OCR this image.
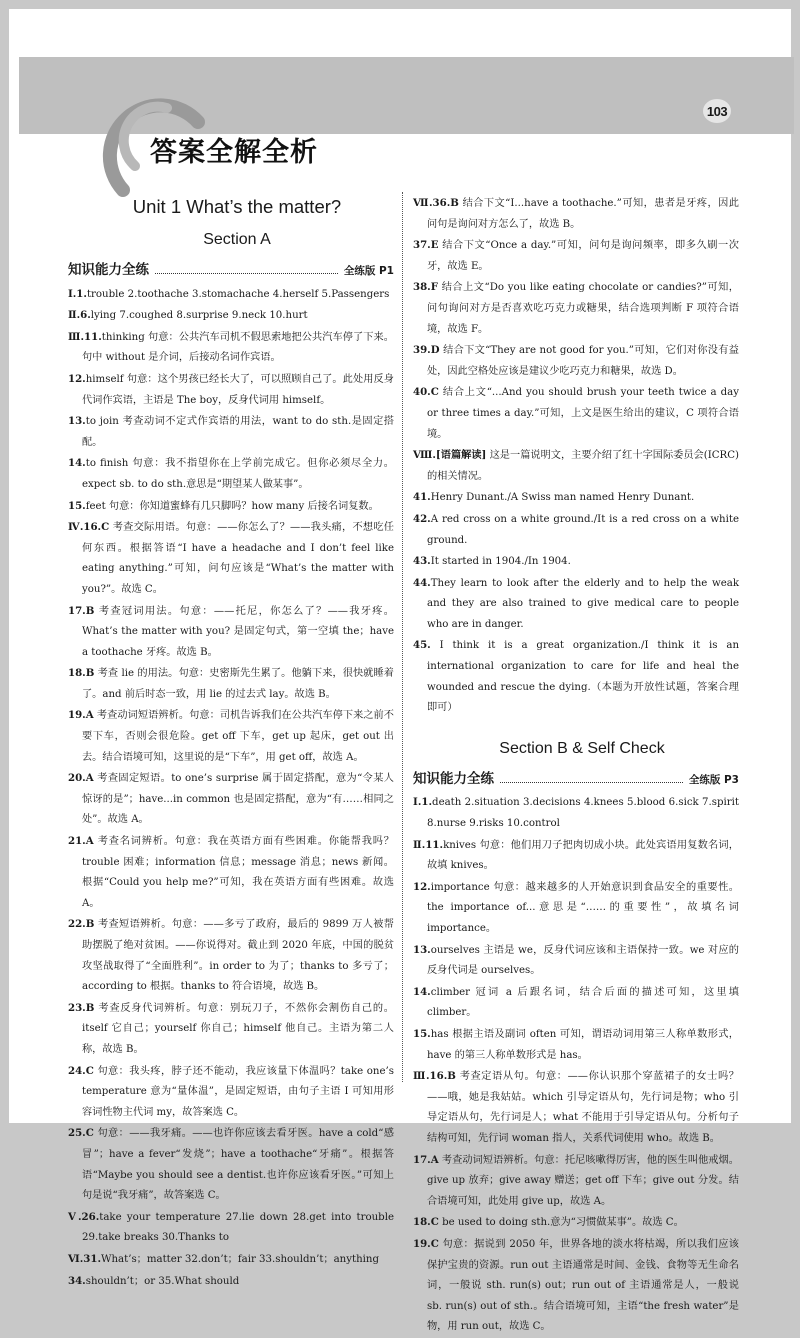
103
答案全解全析
Unit 1 What’s the matter?
Section A
知识能力全练	全练版 P1
Ⅰ.1.trouble 2.toothache 3.stomachache 4.herself 5.Passengers
Ⅱ.6.lying 7.coughed 8.surprise 9.neck 10.hurt
Ⅲ.11.thinking 句意：公共汽车司机不假思索地把公共汽车停了下来。句中 without 是介词，后接动名词作宾语。
12.himself 句意：这个男孩已经长大了，可以照顾自己了。此处用反身代词作宾语，主语是 The boy，反身代词用 himself。
13.to join 考查动词不定式作宾语的用法，want to do sth.是固定搭配。
14.to finish 句意：我不指望你在上学前完成它。但你必须尽全力。expect sb. to do sth.意思是“期望某人做某事”。
15.feet 句意：你知道蜜蜂有几只脚吗？how many 后接名词复数。
Ⅳ.16.C 考查交际用语。句意：——你怎么了？——我头痛，不想吃任何东西。根据答语“I have a headache and I don’t feel like eating anything.”可知，问句应该是“What’s the matter with you?”。故选 C。
17.B 考查冠词用法。句意：——托尼，你怎么了？——我牙疼。What’s the matter with you? 是固定句式，第一空填 the；have a toothache 牙疼。故选 B。
18.B 考查 lie 的用法。句意：史密斯先生累了。他躺下来，很快就睡着了。and 前后时态一致，用 lie 的过去式 lay。故选 B。
19.A 考查动词短语辨析。句意：司机告诉我们在公共汽车停下来之前不要下车，否则会很危险。get off 下车，get up 起床，get out 出去。结合语境可知，这里说的是“下车”，用 get off，故选 A。
20.A 考查固定短语。to one’s surprise 属于固定搭配，意为“令某人惊讶的是”；have...in common 也是固定搭配，意为“有……相同之处”。故选 A。
21.A 考查名词辨析。句意：我在英语方面有些困难。你能帮我吗？trouble 困难；information 信息；message 消息；news 新闻。根据“Could you help me?”可知，我在英语方面有些困难。故选 A。
22.B 考查短语辨析。句意：——多亏了政府，最后的 9899 万人被帮助摆脱了绝对贫困。——你说得对。截止到 2020 年底，中国的脱贫攻坚战取得了“全面胜利”。in order to 为了；thanks to 多亏了；according to 根据。thanks to 符合语境，故选 B。
23.B 考查反身代词辨析。句意：别玩刀子，不然你会割伤自己的。itself 它自己；yourself 你自己；himself 他自己。主语为第二人称，故选 B。
24.C 句意：我头疼，脖子还不能动，我应该量下体温吗？take one’s temperature 意为“量体温”，是固定短语，由句子主语 I 可知用形容词性物主代词 my，故答案选 C。
25.C 句意：——我牙痛。——也许你应该去看牙医。have a cold“感冒”；have a fever“发烧”；have a toothache“牙痛”。根据答语“Maybe you should see a dentist.也许你应该看牙医。”可知上句是说“我牙痛”，故答案选 C。
Ⅴ.26.take your temperature 27.lie down 28.get into trouble 29.take breaks 30.Thanks to
Ⅵ.31.What’s；matter 32.don’t；fair 33.shouldn’t；anything
34.shouldn’t；or 35.What should
Ⅶ.36.B 结合下文“I...have a toothache.”可知，患者是牙疼，因此问句是询问对方怎么了，故选 B。
37.E 结合下文“Once a day.”可知，问句是询问频率，即多久刷一次牙，故选 E。
38.F 结合上文“Do you like eating chocolate or candies?”可知，问句询问对方是否喜欢吃巧克力或糖果，结合选项判断 F 项符合语境，故选 F。
39.D 结合下文“They are not good for you.”可知，它们对你没有益处，因此空格处应该是建议少吃巧克力和糖果，故选 D。
40.C 结合上文“...And you should brush your teeth twice a day or three times a day.”可知，上文是医生给出的建议，C 项符合语境。
Ⅷ.[语篇解读] 这是一篇说明文，主要介绍了红十字国际委员会(ICRC)的相关情况。
41.Henry Dunant./A Swiss man named Henry Dunant.
42.A red cross on a white ground./It is a red cross on a white ground.
43.It started in 1904./In 1904.
44.They learn to look after the elderly and to help the weak and they are also trained to give medical care to people who are in danger.
45. I think it is a great organization./I think it is an international organization to care for life and heal the wounded and rescue the dying.（本题为开放性试题，答案合理即可）
Section B & Self Check
知识能力全练	全练版 P3
Ⅰ.1.death 2.situation 3.decisions 4.knees 5.blood 6.sick 7.spirit 8.nurse 9.risks 10.control
Ⅱ.11.knives 句意：他们用刀子把肉切成小块。此处宾语用复数名词，故填 knives。
12.importance 句意：越来越多的人开始意识到食品安全的重要性。the importance of...意思是“……的重要性”，故填名词 importance。
13.ourselves 主语是 we，反身代词应该和主语保持一致。we 对应的反身代词是 ourselves。
14.climber 冠词 a 后跟名词，结合后面的描述可知，这里填 climber。
15.has 根据主语及副词 often 可知，谓语动词用第三人称单数形式，have 的第三人称单数形式是 has。
Ⅲ.16.B 考查定语从句。句意：——你认识那个穿蓝裙子的女士吗？——哦，她是我姑姑。which 引导定语从句，先行词是物；who 引导定语从句，先行词是人；what 不能用于引导定语从句。分析句子结构可知，先行词 woman 指人，关系代词使用 who。故选 B。
17.A 考查动词短语辨析。句意：托尼咳嗽得厉害，他的医生叫他戒烟。give up 放弃；give away 赠送；get off 下车；give out 分发。结合语境可知，此处用 give up，故选 A。
18.C be used to doing sth.意为“习惯做某事”。故选 C。
19.C 句意：据说到 2050 年，世界各地的淡水将枯竭，所以我们应该保护宝贵的资源。run out 主语通常是时间、金钱、食物等无生命名词，一般说 sth. run(s) out；run out of 主语通常是人，一般说 sb. run(s) out of sth.。结合语境可知，主语“the fresh water”是物，用 run out，故选 C。
